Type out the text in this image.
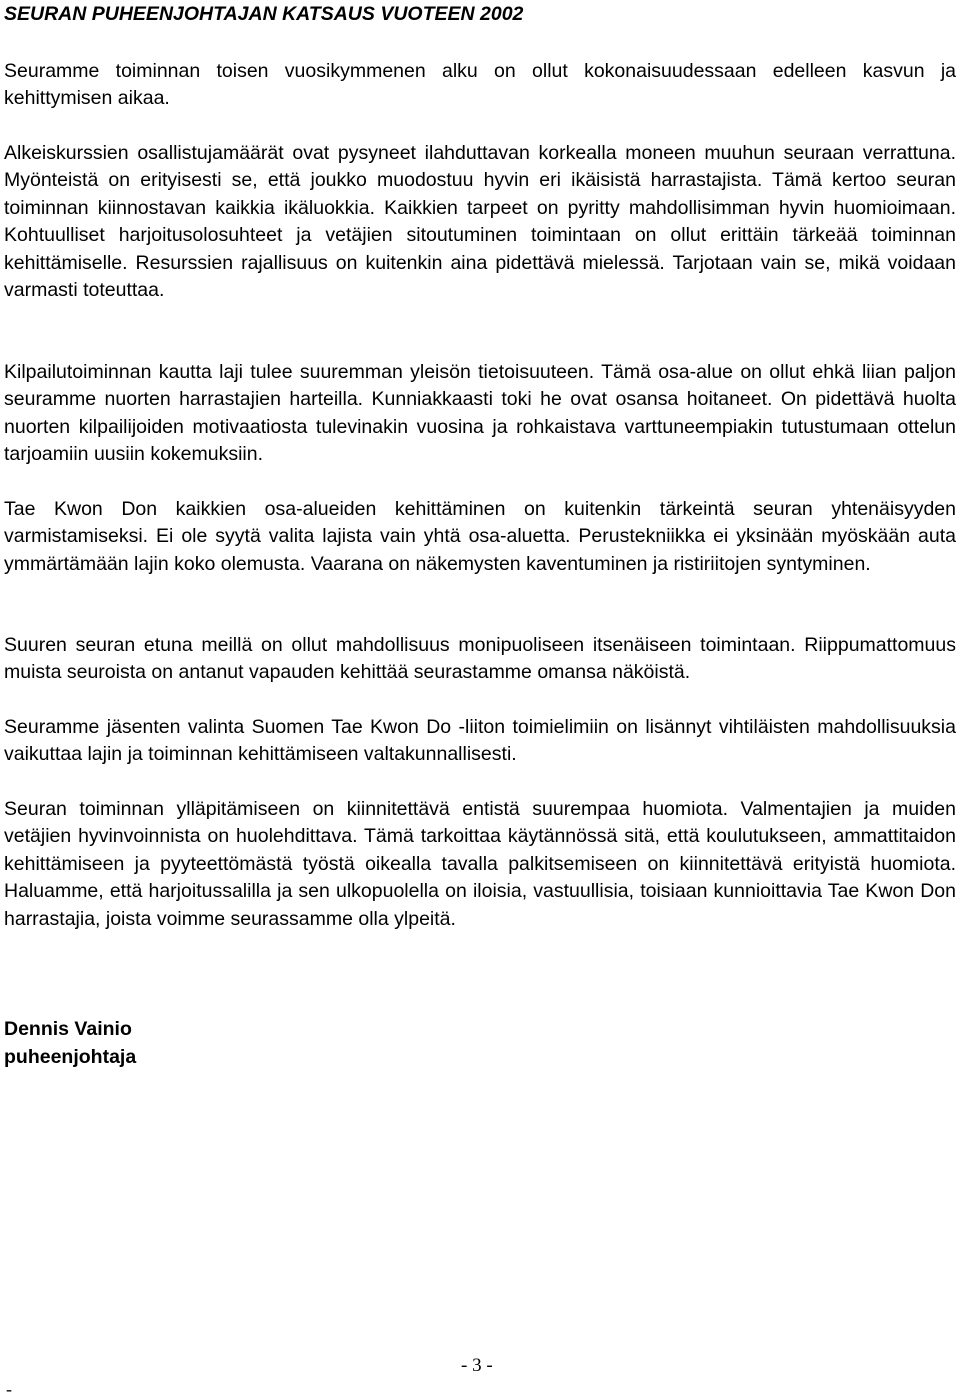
SEURAN PUHEENJOHTAJAN KATSAUS VUOTEEN 2002

Seuramme toiminnan toisen vuosikymmenen alku on ollut kokonaisuudessaan edelleen kasvun ja kehittymisen aikaa.

Alkeiskurssien osallistujamäärät ovat pysyneet ilahduttavan korkealla moneen muuhun seuraan verrattuna. Myönteistä on erityisesti se, että joukko muodostuu hyvin eri ikäisistä harrastajista. Tämä kertoo seuran toiminnan kiinnostavan kaikkia ikäluokkia. Kaikkien tarpeet on pyritty mahdollisimman hyvin huomioimaan. Kohtuulliset harjoitusolosuhteet ja vetäjien sitoutuminen toimintaan on ollut erittäin tärkeää toiminnan kehittämiselle. Resurssien rajallisuus on kuitenkin aina pidettävä mielessä. Tarjotaan vain se, mikä voidaan varmasti toteuttaa.

Kilpailutoiminnan kautta laji tulee suuremman yleisön tietoisuuteen. Tämä osa-alue on ollut ehkä liian paljon seuramme nuorten harrastajien harteilla. Kunniakkaasti toki he ovat osansa hoitaneet. On pidettävä huolta nuorten kilpailijoiden motivaatiosta tulevinakin vuosina ja rohkaistava varttuneempiakin tutustumaan ottelun tarjoamiin uusiin kokemuksiin.

Tae Kwon Don kaikkien osa-alueiden kehittäminen on kuitenkin tärkeintä seuran yhtenäisyyden varmistamiseksi. Ei ole syytä valita lajista vain yhtä osa-aluetta. Perustekniikka ei yksinään myöskään auta ymmärtämään lajin koko olemusta. Vaarana on näkemysten kaventuminen ja ristiriitojen syntyminen.

Suuren seuran etuna meillä on ollut mahdollisuus monipuoliseen itsenäiseen toimintaan. Riippumattomuus muista seuroista on antanut vapauden kehittää seurastamme omansa näköistä.

Seuramme jäsenten valinta Suomen Tae Kwon Do -liiton toimielimiin on lisännyt vihtiläisten mahdollisuuksia vaikuttaa lajin ja toiminnan kehittämiseen valtakunnallisesti.

Seuran toiminnan ylläpitämiseen on kiinnitettävä entistä suurempaa huomiota. Valmentajien ja muiden vetäjien hyvinvoinnista on huolehdittava. Tämä tarkoittaa käytännössä sitä, että koulutukseen, ammattitaidon kehittämiseen ja pyyteettömästä työstä oikealla tavalla palkitsemiseen on kiinnitettävä erityistä huomiota. Haluamme, että harjoitussalilla ja sen ulkopuolella on iloisia, vastuullisia, toisiaan kunnioittavia Tae Kwon Don harrastajia, joista voimme seurassamme olla ylpeitä.

Dennis Vainio
puheenjohtaja
- 3 -
-
